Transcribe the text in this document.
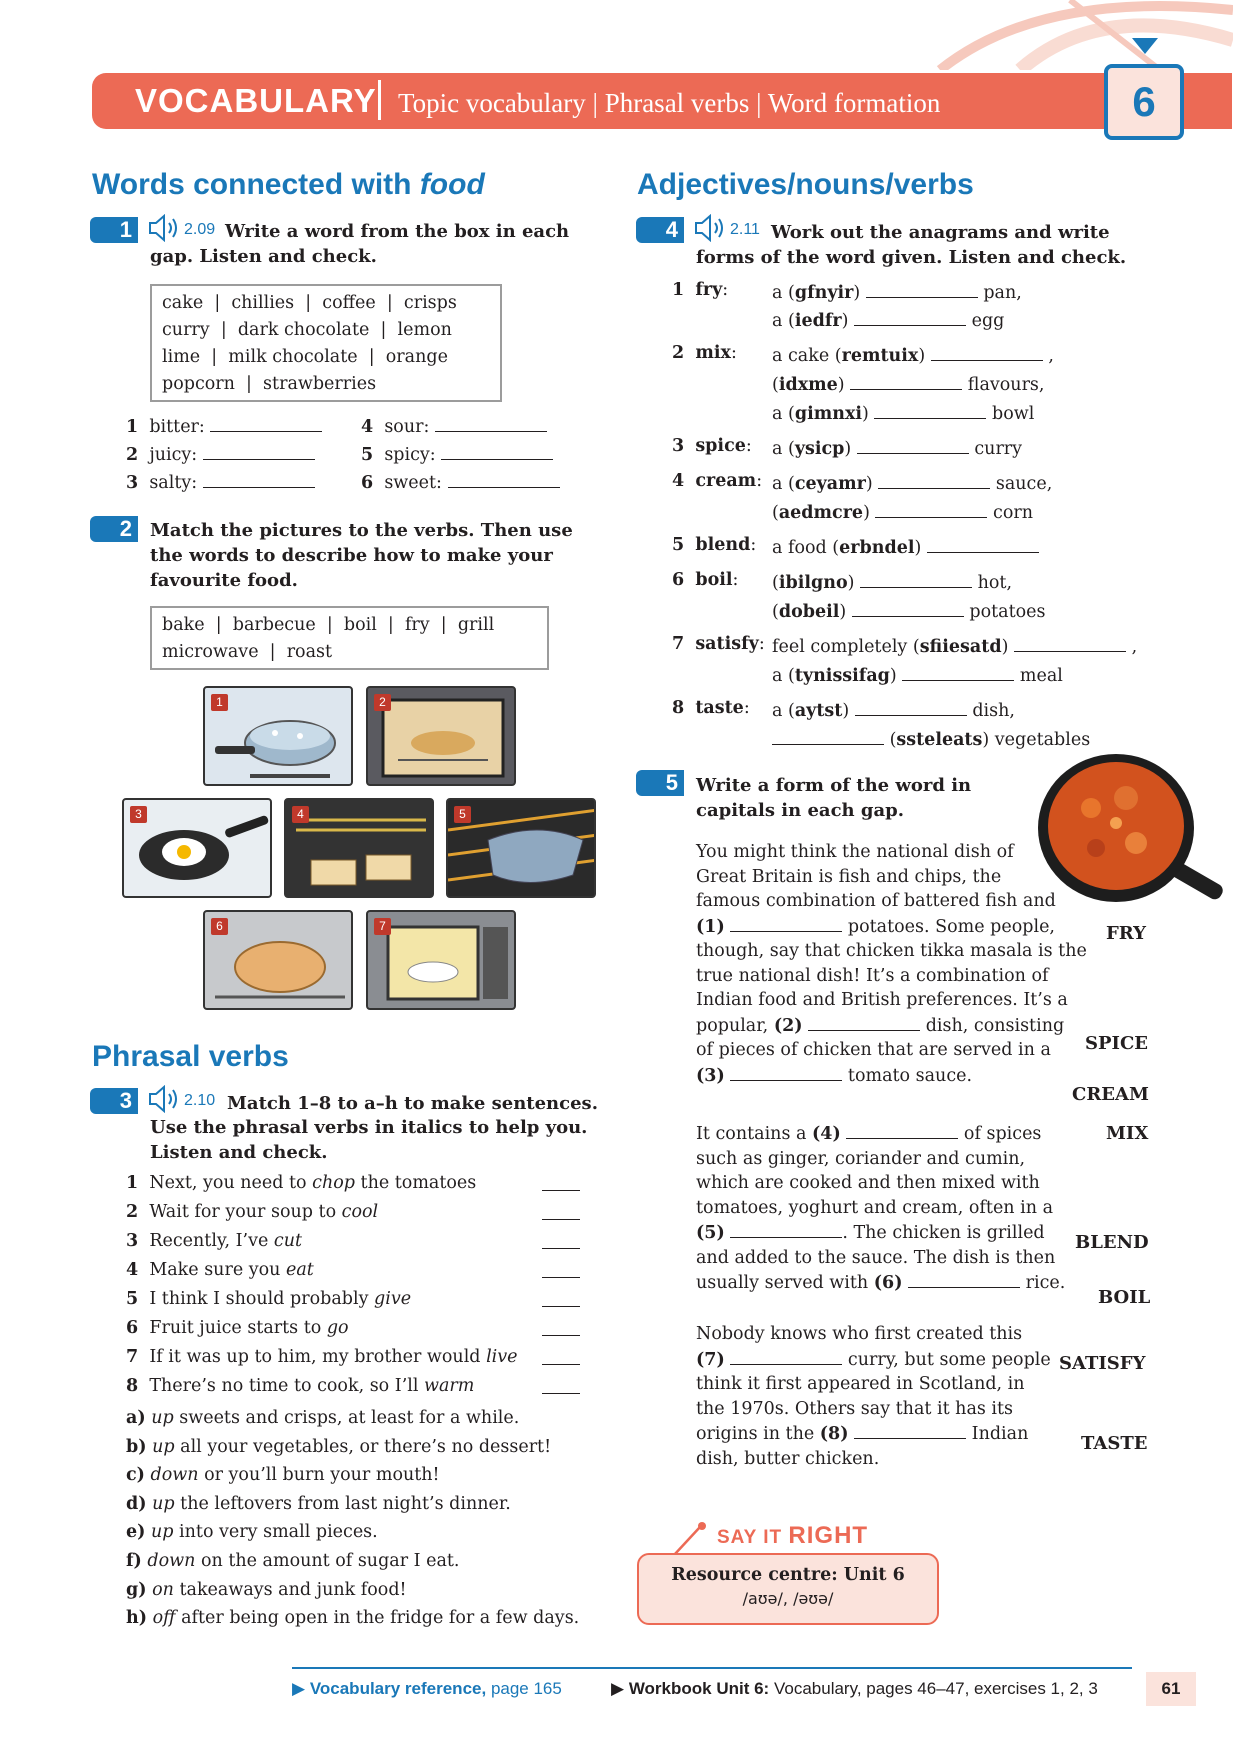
VOCABULARY Topic vocabulary | Phrasal verbs | Word formation	6
Words connected with food
1	2.09 Write a word from the box in each
gap. Listen and check.
cake  |  chillies  |  coffee  |  crisps
curry  |  dark chocolate  |  lemon
lime  |  milk chocolate  |  orange
popcorn  |  strawberries
1 bitter:
2 juicy:
3 salty:
4 sour:
5 spicy:
6 sweet:
2	Match the pictures to the verbs. Then use
the words to describe how to make your
favourite food.
bake  |  barbecue  |  boil  |  fry  |  grill
microwave  |  roast
1	2
3	4	5
6	7
Phrasal verbs
3	2.10 Match 1–8 to a–h to make sentences.
Use the phrasal verbs in italics to help you.
Listen and check.
1 Next, you need to chop the tomatoes
2 Wait for your soup to cool
3 Recently, I’ve cut
4 Make sure you eat
5 I think I should probably give
6 Fruit juice starts to go
7 If it was up to him, my brother would live
8 There’s no time to cook, so I’ll warm
a) up sweets and crisps, at least for a while.
b) up all your vegetables, or there’s no dessert!
c) down or you’ll burn your mouth!
d) up the leftovers from last night’s dinner.
e) up into very small pieces.
f) down on the amount of sugar I eat.
g) on takeaways and junk food!
h) off after being open in the fridge for a few days.
Adjectives/nouns/verbs
4	2.11 Work out the anagrams and write
forms of the word given. Listen and check.
1 fry:	a (gfnyir)	pan,
a (iedfr)	egg
2 mix: a cake (remtuix)	,
(idxme)	flavours,
a (gimnxi)	bowl
3 spice: a (ysicp)	curry
4 cream: a (ceyamr)	sauce,
(aedmcre)	corn
5 blend: a food (erbndel)
6 boil: (ibilgno)	hot,
(dobeil)	potatoes
7 satisfy: feel completely (sfiiesatd)	,
a (tynissifag)	meal
8 taste: a (aytst)	dish,
(ssteleats) vegetables
5	Write a form of the word in
capitals in each gap.
You might think the national dish of
Great Britain is fish and chips, the
famous combination of battered fish and
(1)	potatoes. Some people,
though, say that chicken tikka masala is the
true national dish! It’s a combination of
Indian food and British preferences. It’s a
popular, (2)	dish, consisting
of pieces of chicken that are served in a
(3)	tomato sauce.
It contains a (4)	of spices
such as ginger, coriander and cumin,
which are cooked and then mixed with
tomatoes, yoghurt and cream, often in a
(5)	. The chicken is grilled
and added to the sauce. The dish is then
usually served with (6)	rice.
Nobody knows who first created this
(7)	curry, but some people
think it first appeared in Scotland, in
the 1970s. Others say that it has its
origins in the (8)	Indian
dish, butter chicken.
FRY
SPICE
CREAM
MIX
BLEND
BOIL
SATISFY
TASTE
SAY IT RIGHT
Resource centre: Unit 6
/aʊə/, /əʊə/
▶ Vocabulary reference, page 165	▶ Workbook Unit 6: Vocabulary, pages 46–47, exercises 1, 2, 3	61
